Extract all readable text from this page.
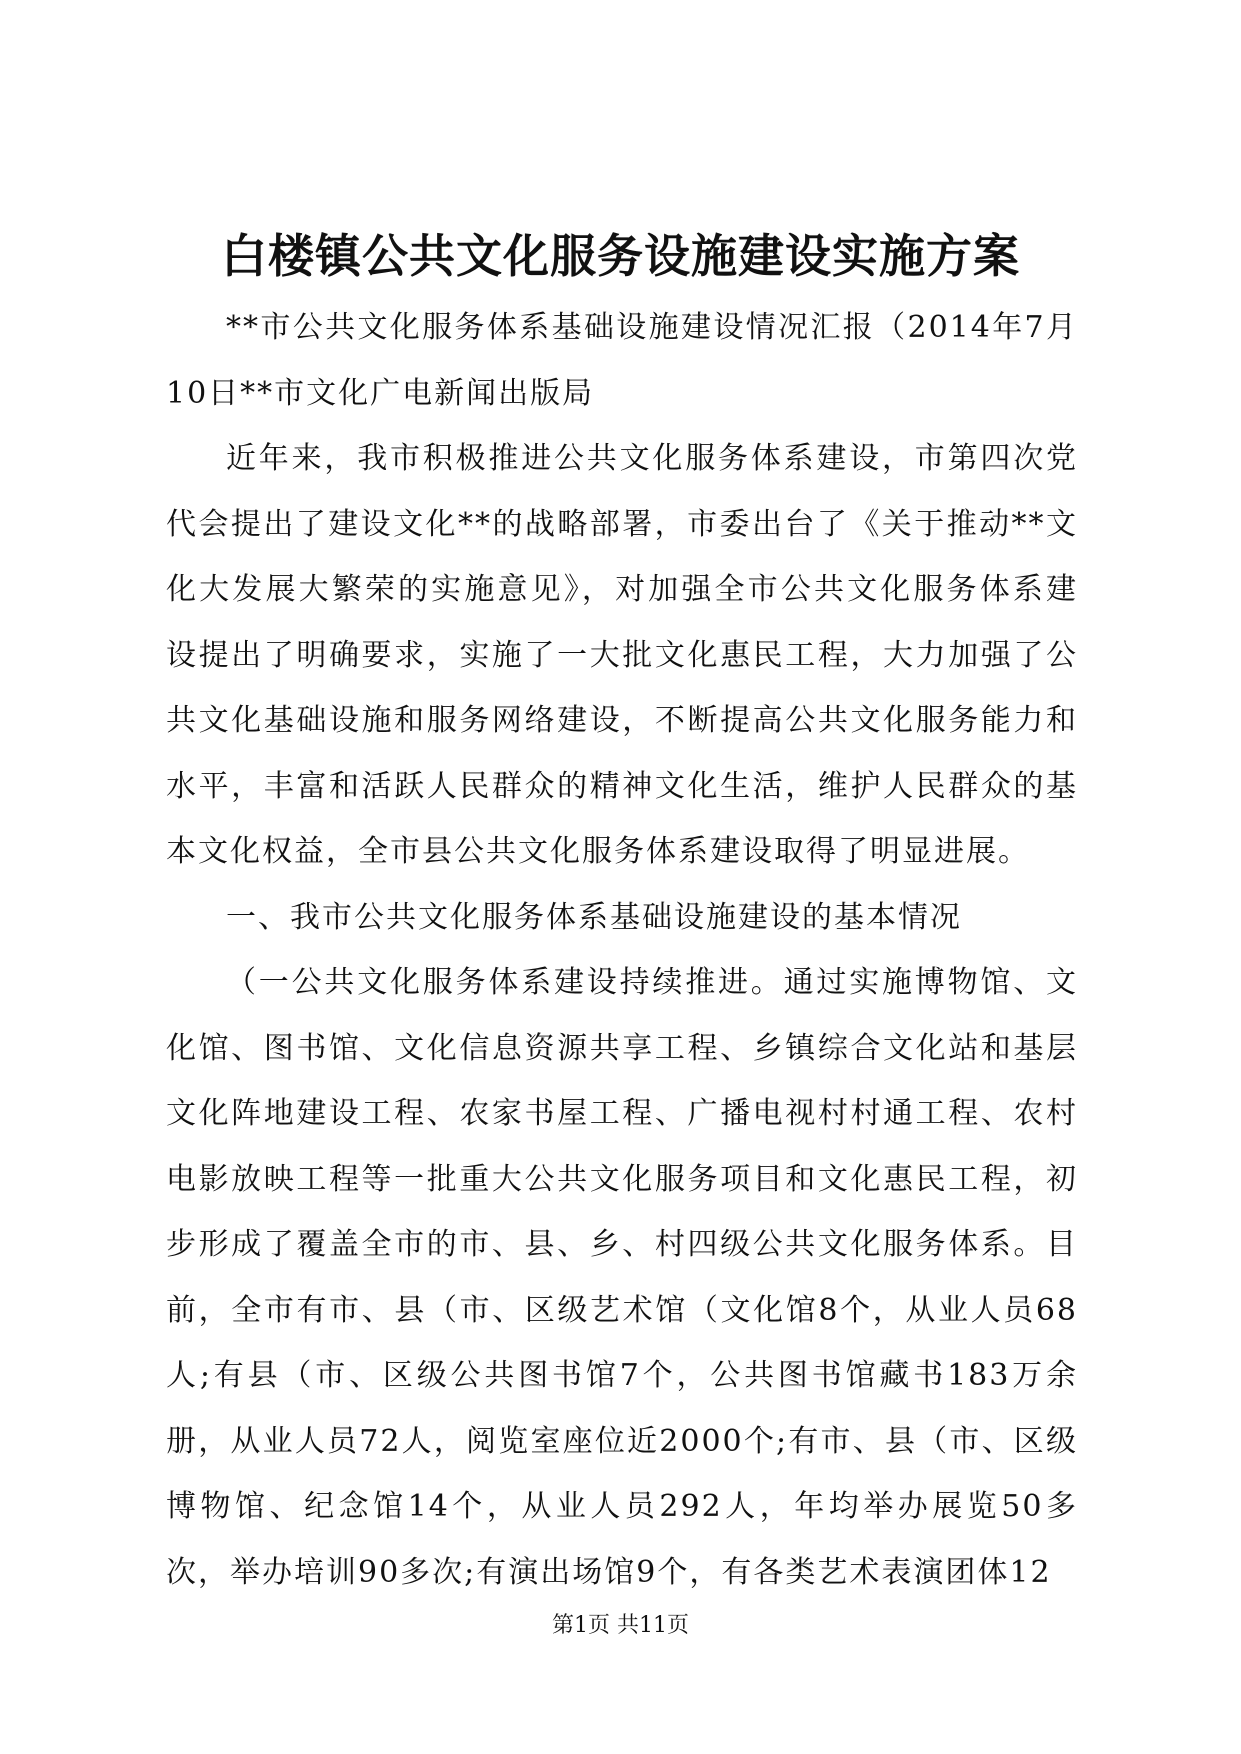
白楼镇公共文化服务设施建设实施方案

**市公共文化服务体系基础设施建设情况汇报（2014年7月10日**市文化广电新闻出版局

近年来，我市积极推进公共文化服务体系建设，市第四次党代会提出了建设文化**的战略部署，市委出台了《关于推动**文化大发展大繁荣的实施意见》，对加强全市公共文化服务体系建设提出了明确要求，实施了一大批文化惠民工程，大力加强了公共文化基础设施和服务网络建设，不断提高公共文化服务能力和水平，丰富和活跃人民群众的精神文化生活，维护人民群众的基本文化权益，全市县公共文化服务体系建设取得了明显进展。

一、我市公共文化服务体系基础设施建设的基本情况

（一公共文化服务体系建设持续推进。通过实施博物馆、文化馆、图书馆、文化信息资源共享工程、乡镇综合文化站和基层文化阵地建设工程、农家书屋工程、广播电视村村通工程、农村电影放映工程等一批重大公共文化服务项目和文化惠民工程，初步形成了覆盖全市的市、县、乡、村四级公共文化服务体系。目前，全市有市、县（市、区级艺术馆（文化馆8个，从业人员68人;有县（市、区级公共图书馆7个，公共图书馆藏书183万余册，从业人员72人，阅览室座位近2000个;有市、县（市、区级博物馆、纪念馆14个，从业人员292人，年均举办展览50多次，举办培训90多次;有演出场馆9个，有各类艺术表演团体12

第1页 共11页
